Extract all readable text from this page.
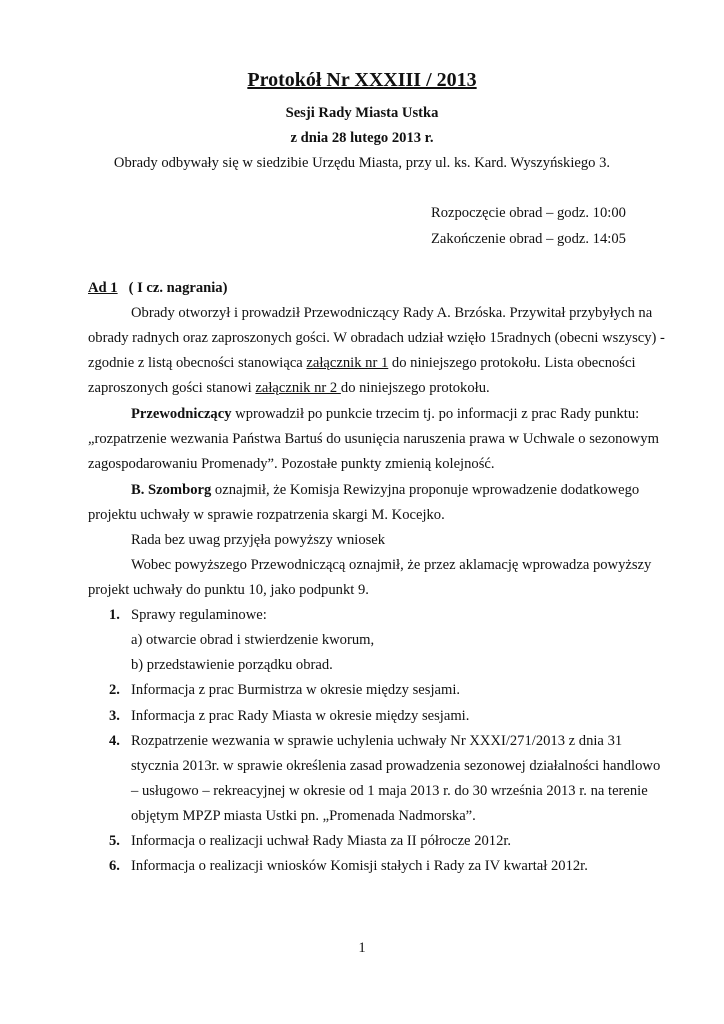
Protokół Nr XXXIII / 2013
Sesji Rady Miasta Ustka
z dnia 28 lutego 2013 r.
Obrady odbywały się w siedzibie Urzędu Miasta, przy ul. ks. Kard. Wyszyńskiego 3.
Rozpoczęcie obrad – godz. 10:00
Zakończenie obrad – godz. 14:05
Ad 1 ( I cz. nagrania)
Obrady otworzył i prowadził Przewodniczący Rady A. Brzóska. Przywitał przybyłych na
obrady radnych oraz zaproszonych gości. W obradach udział wzięło 15radnych (obecni wszyscy) -
zgodnie z listą obecności stanowiąca załącznik nr 1 do niniejszego protokołu. Lista obecności
zaproszonych gości stanowi załącznik nr 2 do niniejszego protokołu.
Przewodniczący wprowadził po punkcie trzecim tj. po informacji z prac Rady punktu:
„rozpatrzenie wezwania Państwa Bartuś do usunięcia naruszenia prawa w Uchwale o sezonowym
zagospodarowaniu Promenady”. Pozostałe punkty zmienią kolejność.
B. Szomborg oznajmił, że Komisja Rewizyjna proponuje wprowadzenie dodatkowego
projektu uchwały w sprawie rozpatrzenia skargi M. Kocejko.
Rada bez uwag przyjęła powyższy wniosek
Wobec powyższego Przewodniczącą oznajmił, że przez aklamację wprowadza powyższy
projekt uchwały do punktu 10, jako podpunkt 9.
1. Sprawy regulaminowe:
a) otwarcie obrad i stwierdzenie kworum,
b) przedstawienie porządku obrad.
2. Informacja z prac Burmistrza w okresie między sesjami.
3. Informacja z prac Rady Miasta w okresie między sesjami.
4. Rozpatrzenie wezwania w sprawie uchylenia uchwały Nr XXXI/271/2013 z dnia 31
stycznia 2013r. w sprawie określenia zasad prowadzenia sezonowej działalności handlowo
– usługowo – rekreacyjnej w okresie od 1 maja 2013 r. do 30 września 2013 r. na terenie
objętym MPZP miasta Ustki pn. „Promenada Nadmorska”.
5. Informacja o realizacji uchwał Rady Miasta za II półrocze 2012r.
6. Informacja o realizacji wniosków Komisji stałych i Rady za IV kwartał 2012r.
1
